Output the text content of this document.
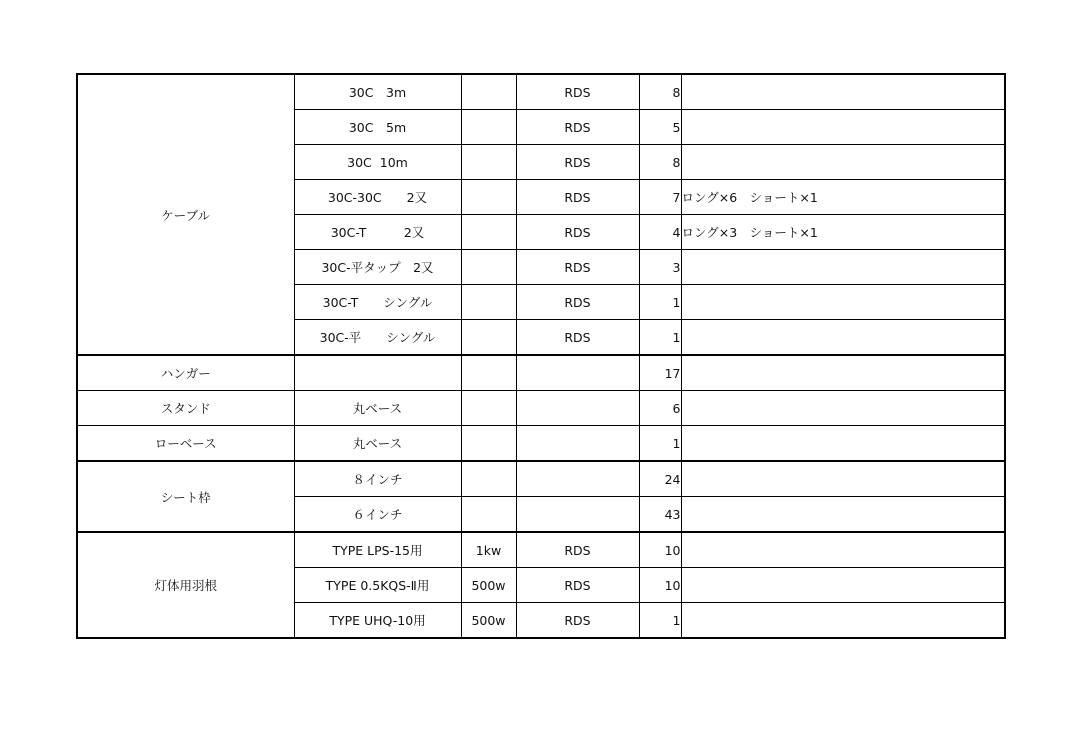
ケーブル	30C　3m		RDS	8	
	30C　5m		RDS	5	
	30C  10m		RDS	8	
	30C-30C　　2又		RDS	7	ロング×6　ショート×1
	30C-T　　　2又		RDS	4	ロング×3　ショート×1
	30C-平タップ　2又		RDS	3	
	30C-T　　シングル		RDS	1	
	30C-平　　シングル		RDS	1	
ハンガー				17	
スタンド	丸ベース			6	
ローベース	丸ベース			1	
シート枠	８インチ			24	
	６インチ			43	
灯体用羽根	TYPE LPS-15用	1kw	RDS	10	
	TYPE 0.5KQS-Ⅱ用	500w	RDS	10	
	TYPE UHQ-10用	500w	RDS	1	
